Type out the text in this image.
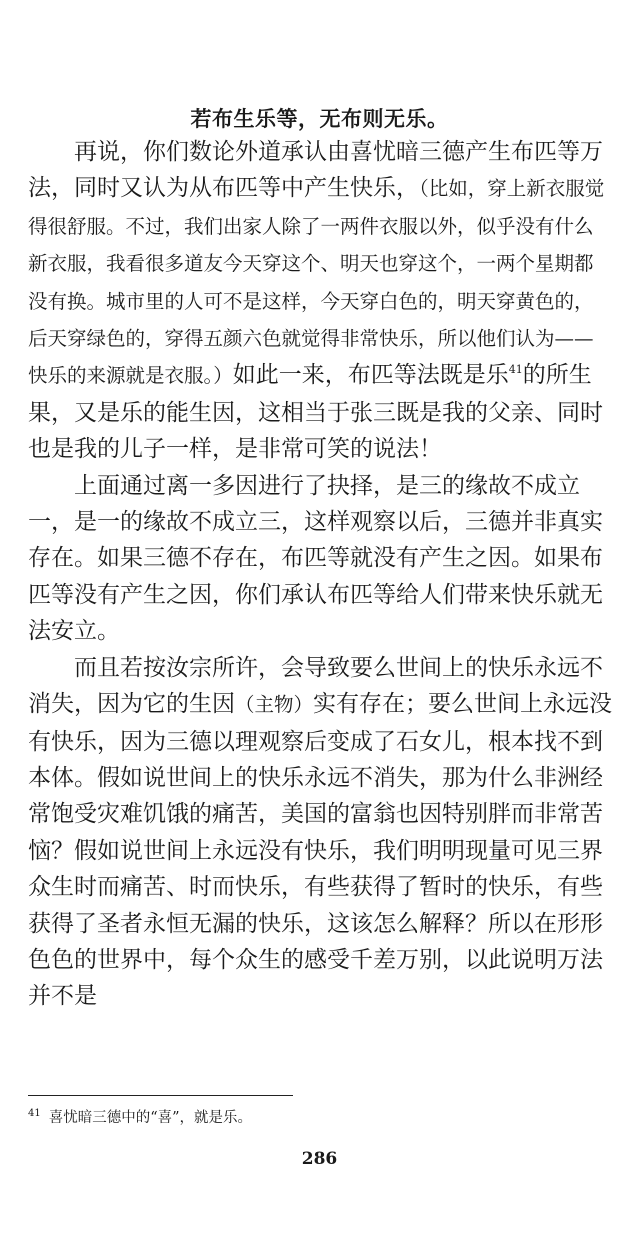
若布生乐等，无布则无乐。

再说，你们数论外道承认由喜忧暗三德产生布匹等万法，同时又认为从布匹等中产生快乐，（比如，穿上新衣服觉得很舒服。不过，我们出家人除了一两件衣服以外，似乎没有什么新衣服，我看很多道友今天穿这个、明天也穿这个，一两个星期都没有换。城市里的人可不是这样，今天穿白色的，明天穿黄色的，后天穿绿色的，穿得五颜六色就觉得非常快乐，所以他们认为——快乐的来源就是衣服。）如此一来，布匹等法既是乐$^{41}$的所生果，又是乐的能生因，这相当于张三既是我的父亲、同时也是我的儿子一样，是非常可笑的说法！

上面通过离一多因进行了抉择，是三的缘故不成立一，是一的缘故不成立三，这样观察以后，三德并非真实存在。如果三德不存在，布匹等就没有产生之因。如果布匹等没有产生之因，你们承认布匹等给人们带来快乐就无法安立。

而且若按汝宗所许，会导致要么世间上的快乐永远不消失，因为它的生因（主物）实有存在；要么世间上永远没有快乐，因为三德以理观察后变成了石女儿，根本找不到本体。假如说世间上的快乐永远不消失，那为什么非洲经常饱受灾难饥饿的痛苦，美国的富翁也因特别胖而非常苦恼？假如说世间上永远没有快乐，我们明明现量可见三界众生时而痛苦、时而快乐，有些获得了暂时的快乐，有些获得了圣者永恒无漏的快乐，这该怎么解释？所以在形形色色的世界中，每个众生的感受千差万别，以此说明万法并不是

$^{41}$ 喜忧暗三德中的“喜”，就是乐。
286
